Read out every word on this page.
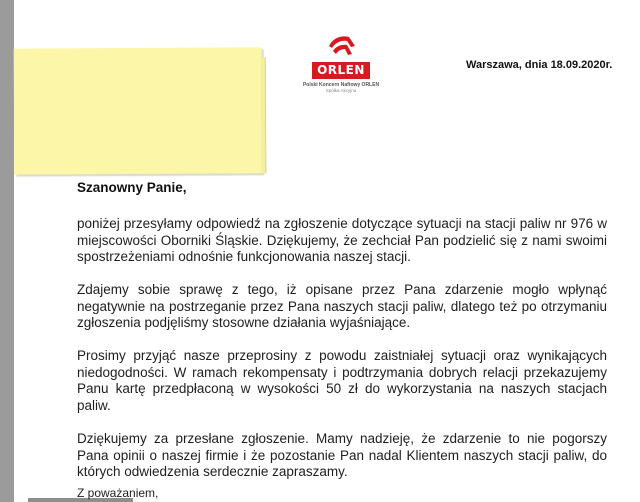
ORLEN
Polski Koncern Naftowy ORLEN
Spółka Akcyjna
Warszawa, dnia 18.09.2020r.
Szanowny Panie,

poniżej przesyłamy odpowiedź na zgłoszenie dotyczące sytuacji na stacji paliw nr 976 w miejscowości Oborniki Śląskie. Dziękujemy, że zechciał Pan podzielić się z nami swoimi spostrzeżeniami odnośnie funkcjonowania naszej stacji.

Zdajemy sobie sprawę z tego, iż opisane przez Pana zdarzenie mogło wpłynąć negatywnie na postrzeganie przez Pana naszych stacji paliw, dlatego też po otrzymaniu zgłoszenia podjęliśmy stosowne działania wyjaśniające.

Prosimy przyjąć nasze przeprosiny z powodu zaistniałej sytuacji oraz wynikających niedogodności. W ramach rekompensaty i podtrzymania dobrych relacji przekazujemy Panu kartę przedpłaconą w wysokości 50 zł do wykorzystania na naszych stacjach paliw.

Dziękujemy za przesłane zgłoszenie. Mamy nadzieję, że zdarzenie to nie pogorszy Pana opinii o naszej firmie i że pozostanie Pan nadal Klientem naszych stacji paliw, do których odwiedzenia serdecznie zapraszamy.

Z poważaniem,
